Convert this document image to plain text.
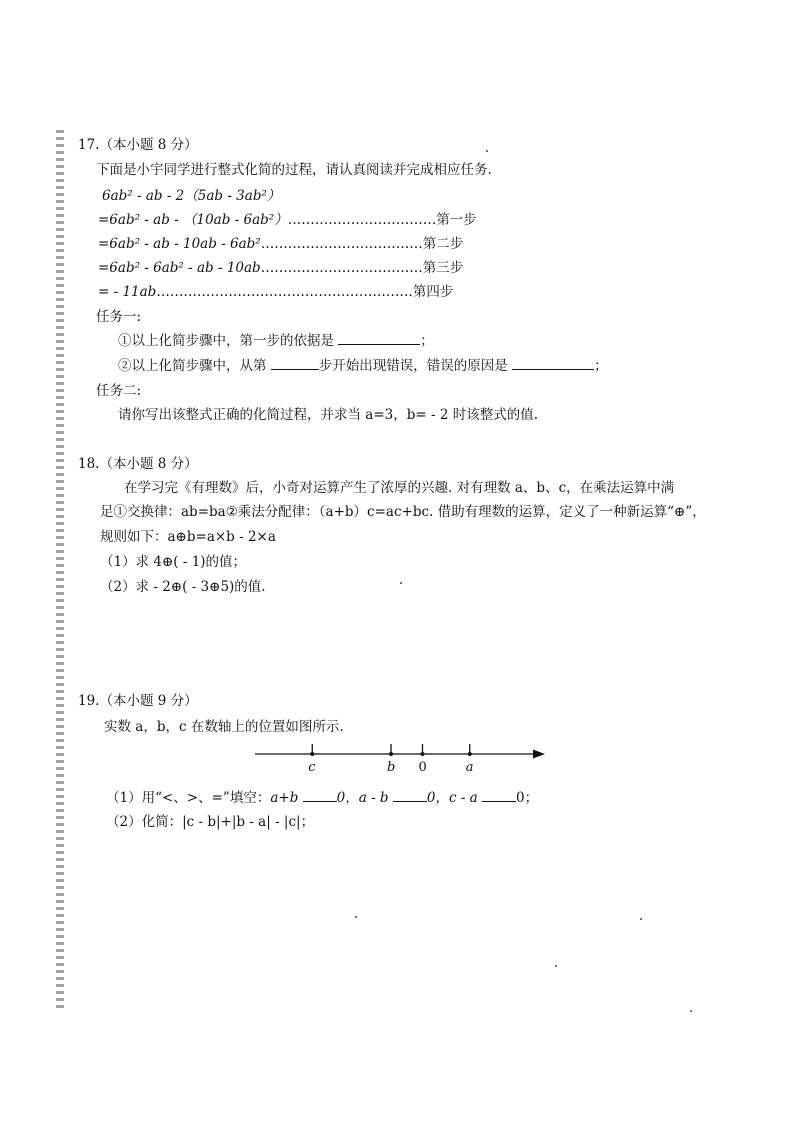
17.（本小题 8 分）
下面是小宇同学进行整式化简的过程，请认真阅读并完成相应任务.
6ab² - ab - 2（5ab - 3ab²）
=6ab² - ab - （10ab - 6ab²）……………………………第一步
=6ab² - ab - 10ab - 6ab²………………………………第二步
=6ab² - 6ab² - ab - 10ab………………………………第三步
= - 11ab…………………………………………………第四步
任务一:
①以上化简步骤中，第一步的依据是	；
②以上化简步骤中，从第	步开始出现错误，错误的原因是	；
任务二:
请你写出该整式正确的化简过程，并求当 a=3，b= - 2 时该整式的值.
18.（本小题 8 分）
在学习完《有理数》后，小奇对运算产生了浓厚的兴趣. 对有理数 a、b、c，在乘法运算中满
足①交换律：ab=ba②乘法分配律：（a+b）c=ac+bc. 借助有理数的运算，定义了一种新运算“⊕”，
规则如下：a⊕b=a×b - 2×a
（1）求 4⊕( - 1)的值；
（2）求 - 2⊕( - 3⊕5)的值.
19.（本小题 9 分）
实数 a，b，c 在数轴上的位置如图所示.
c	b 0	a
（1）用“<、>、=”填空：a+b	0，a - b	0，c - a	0；
（2）化简：|c - b|+|b - a| - |c|；
